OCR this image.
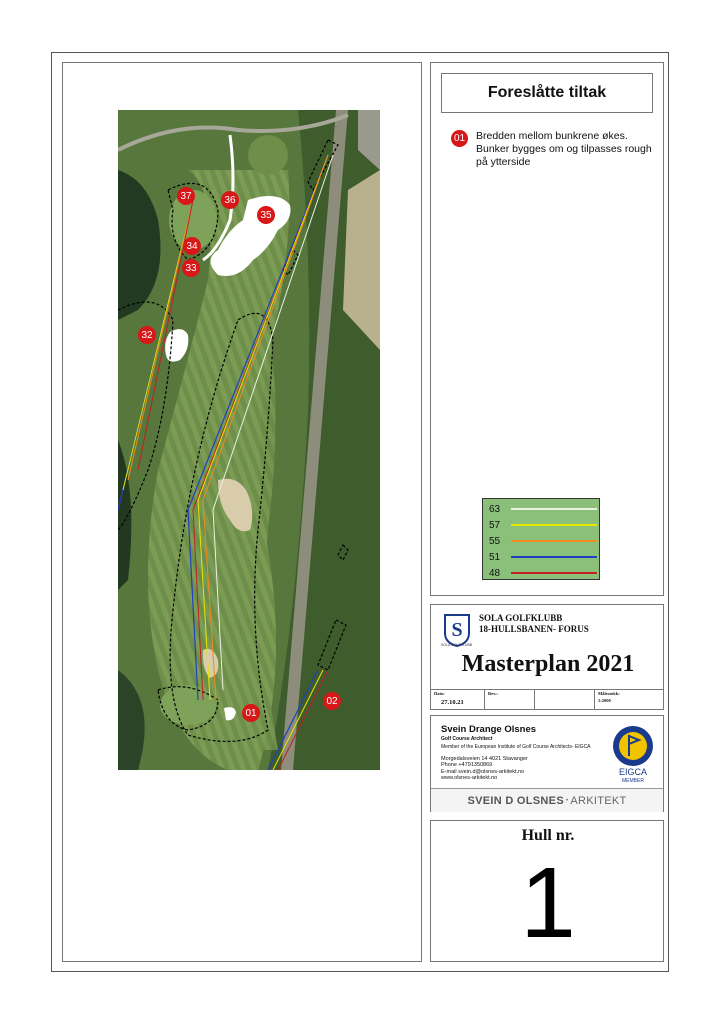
37	36
35
34
33
32
01
02
Foreslåtte tiltak
01 Bredden mellom bunkrene økes. Bunker bygges om og tilpasses rough på ytterside
63
57
55
51
48
S
SOLA GOLFKLUBB
SOLA GOLFKLUBB
18-HULLSBANEN- FORUS
Masterplan 2021
Dato:
27.10.21
Rev.:	Målestokk:
1:2000
Svein Drange Olsnes
Golf Course Architect
Member of the European Institute of Golf Course Architects- EIGCA
Morgedalsveien 14 4021 Stavanger
Phone +4791350869
E-mail svein.d@olsnes-arkitekt.no
www.olsnes-arkitekt.no
EIGCA
MEMBER
SVEIN D OLSNES • ARKITEKT
Hull nr.
1
